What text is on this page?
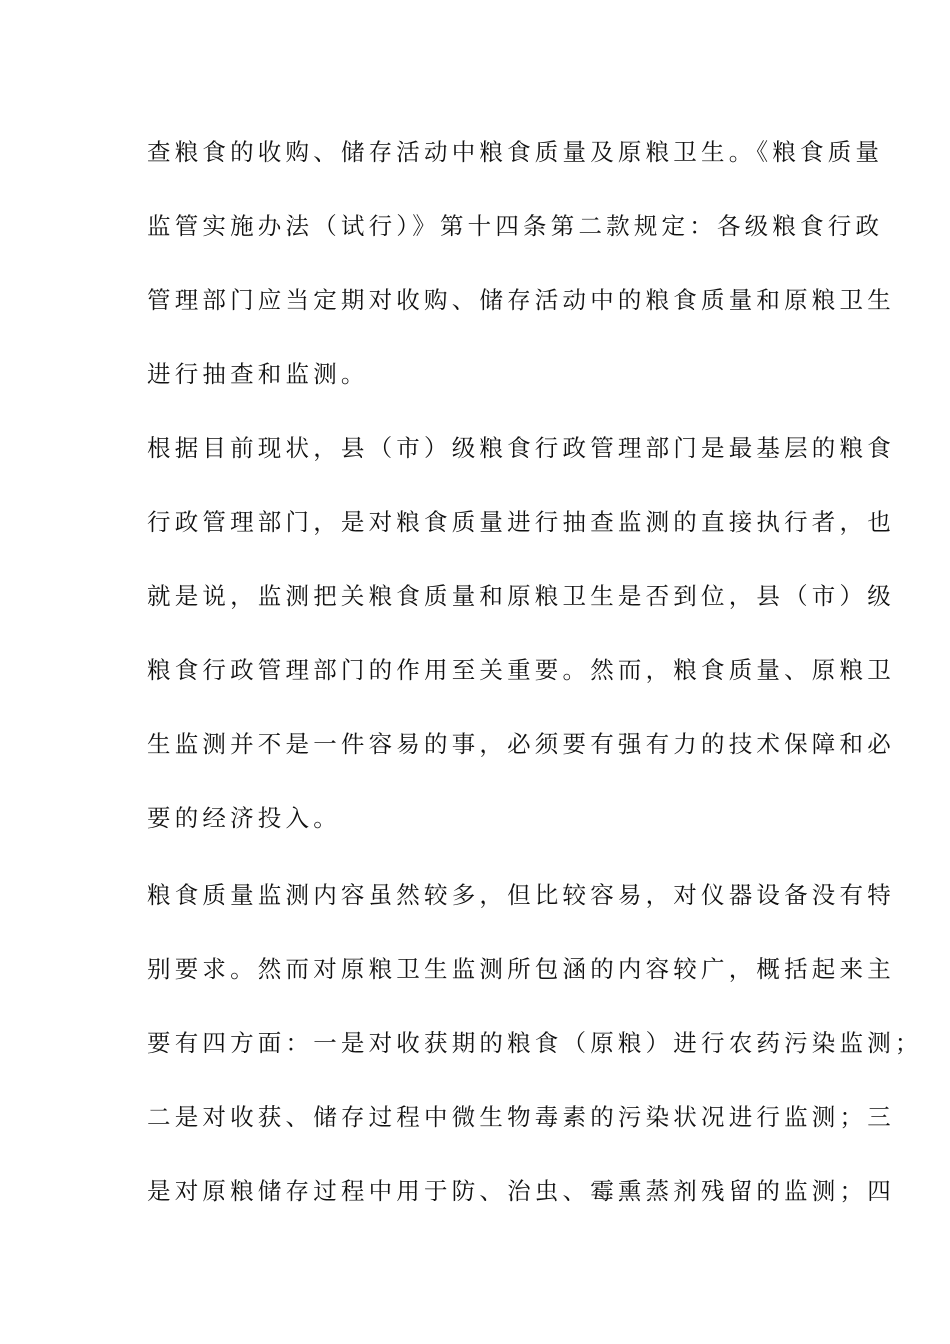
查粮食的收购、储存活动中粮食质量及原粮卫生。《粮食质量
监管实施办法（试行）》第十四条第二款规定：各级粮食行政
管理部门应当定期对收购、储存活动中的粮食质量和原粮卫生
进行抽查和监测。
根据目前现状，县（市）级粮食行政管理部门是最基层的粮食
行政管理部门，是对粮食质量进行抽查监测的直接执行者，也
就是说，监测把关粮食质量和原粮卫生是否到位，县（市）级
粮食行政管理部门的作用至关重要。然而，粮食质量、原粮卫
生监测并不是一件容易的事，必须要有强有力的技术保障和必
要的经济投入。
粮食质量监测内容虽然较多，但比较容易，对仪器设备没有特
别要求。然而对原粮卫生监测所包涵的内容较广，概括起来主
要有四方面：一是对收获期的粮食（原粮）进行农药污染监测；
二是对收获、储存过程中微生物毒素的污染状况进行监测；三
是对原粮储存过程中用于防、治虫、霉熏蒸剂残留的监测；四
